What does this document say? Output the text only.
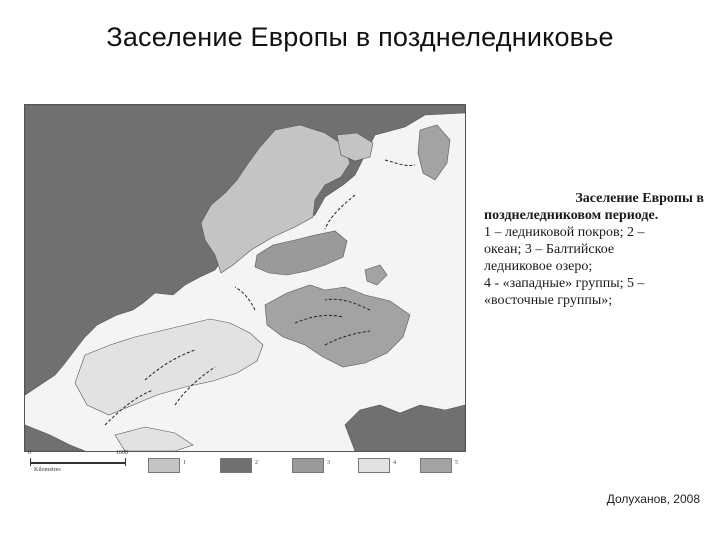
Заселение Европы в позднеледниковье
0	1000
Kilometres
1	2	3	4	5
Заселение Европы в
позднеледниковом периоде.
1 – ледниковой покров; 2 –
океан; 3 – Балтийское
ледниковое озеро;
4 - «западные» группы; 5 –
«восточные группы»;
Долуханов, 2008
